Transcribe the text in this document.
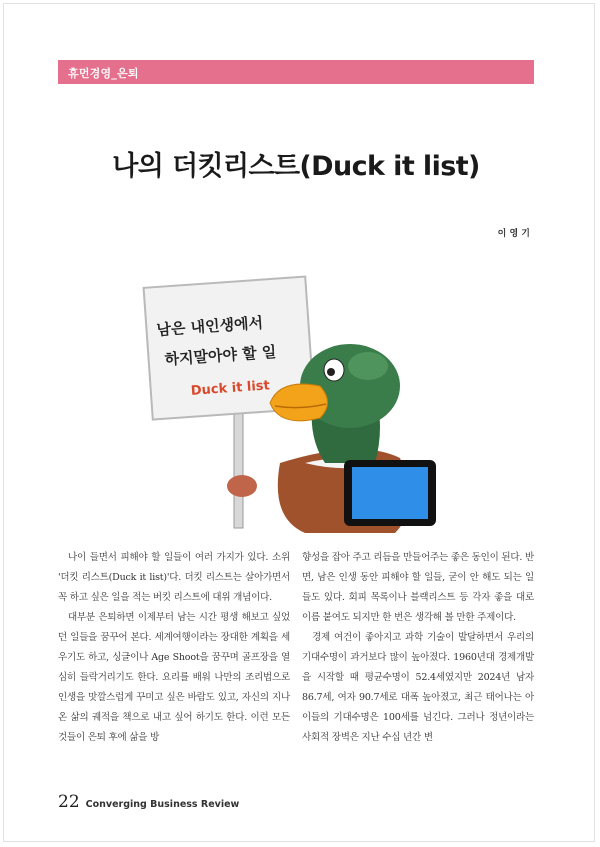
휴먼경영_은퇴
나의 더킷리스트(Duck it list)
이 영 기
남은 내인생에서
하지말아야 할 일
Duck it list

나이 들면서 피해야 할 일들이 여러 가지가 있다. 소위 '더킷 리스트(Duck it list)'다. 더킷 리스트는 살아가면서 꼭 하고 싶은 일을 적는 버킷 리스트에 대위 개념이다.

대부분 은퇴하면 이제부터 남는 시간 평생 해보고 싶었던 일들을 꿈꾸어 본다. 세계여행이라는 장대한 계획을 세우기도 하고, 싱글이나 Age Shoot을 꿈꾸며 골프장을 열심히 들락거리기도 한다. 요리를 배워 나만의 조리법으로 인생을 맛깔스럽게 꾸미고 싶은 바람도 있고, 자신의 지나온 삶의 궤적을 책으로 내고 싶어 하기도 한다. 이런 모든 것들이 은퇴 후에 삶을 방

향성을 잡아 주고 리듬을 만들어주는 좋은 동인이 된다. 반면, 남은 인생 동안 피해야 할 일들, 굳이 안 해도 되는 일들도 있다. 회피 목록이나 블랙리스트 등 각자 좋을 대로 이름 붙여도 되지만 한 번은 생각해 볼 만한 주제이다.

경제 여건이 좋아지고 과학 기술이 발달하면서 우리의 기대수명이 과거보다 많이 높아졌다. 1960년대 경제개발을 시작할 때 평균수명이 52.4세였지만 2024년 남자 86.7세, 여자 90.7세로 대폭 높아졌고, 최근 태어나는 아이들의 기대수명은 100세를 넘긴다. 그러나 정년이라는 사회적 장벽은 지난 수십 년간 변

22 Converging Business Review
